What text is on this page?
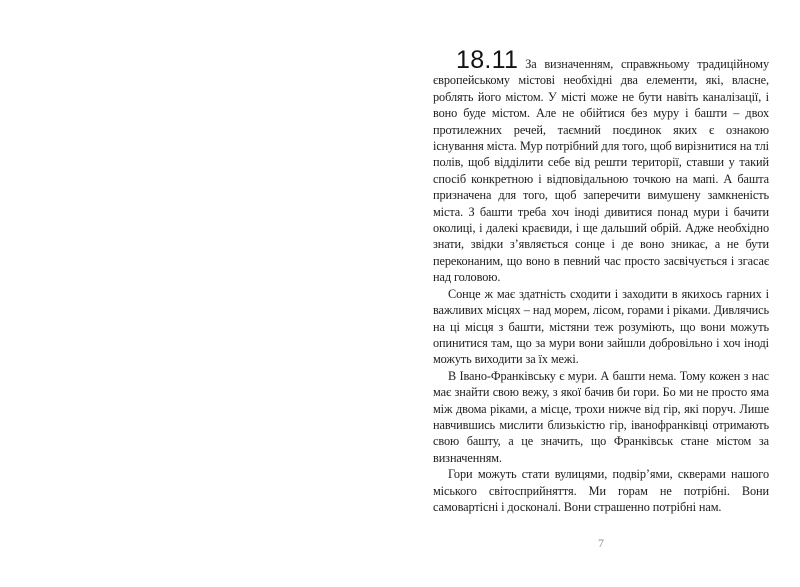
18.11 За визначенням, справжньому традиційному європейському містові необхідні два елементи, які, власне, роблять його містом. У місті може не бути навіть каналізації, і воно буде містом. Але не обійтися без муру і башти – двох протилежних речей, таємний поєдинок яких є ознакою існування міста. Мур потрібний для того, щоб вирізнитися на тлі полів, щоб відділити себе від решти території, ставши у такий спосіб конкретною і відповідальною точкою на мапі. А башта призначена для того, щоб заперечити вимушену замкненість міста. З башти треба хоч іноді дивитися понад мури і бачити околиці, і далекі краєвиди, і ще дальший обрій. Адже необхідно знати, звідки з’являється сонце і де воно зникає, а не бути переконаним, що воно в певний час просто засвічується і згасає над головою.

Сонце ж має здатність сходити і заходити в якихось гарних і важливих місцях – над морем, лісом, горами і ріками. Дивлячись на ці місця з башти, містяни теж розуміють, що вони можуть опинитися там, що за мури вони зайшли добровільно і хоч іноді можуть виходити за їх межі.

В Івано-Франківську є мури. А башти нема. Тому кожен з нас має знайти свою вежу, з якої бачив би гори. Бо ми не просто яма між двома ріками, а місце, трохи нижче від гір, які поруч. Лише навчившись мислити близькістю гір, іванофранківці отримають свою башту, а це значить, що Франківськ стане містом за визначенням.

Гори можуть стати вулицями, подвір’ями, скверами нашого міського світосприйняття. Ми горам не потрібні. Вони самовартісні і досконалі. Вони страшенно потрібні нам.

7
